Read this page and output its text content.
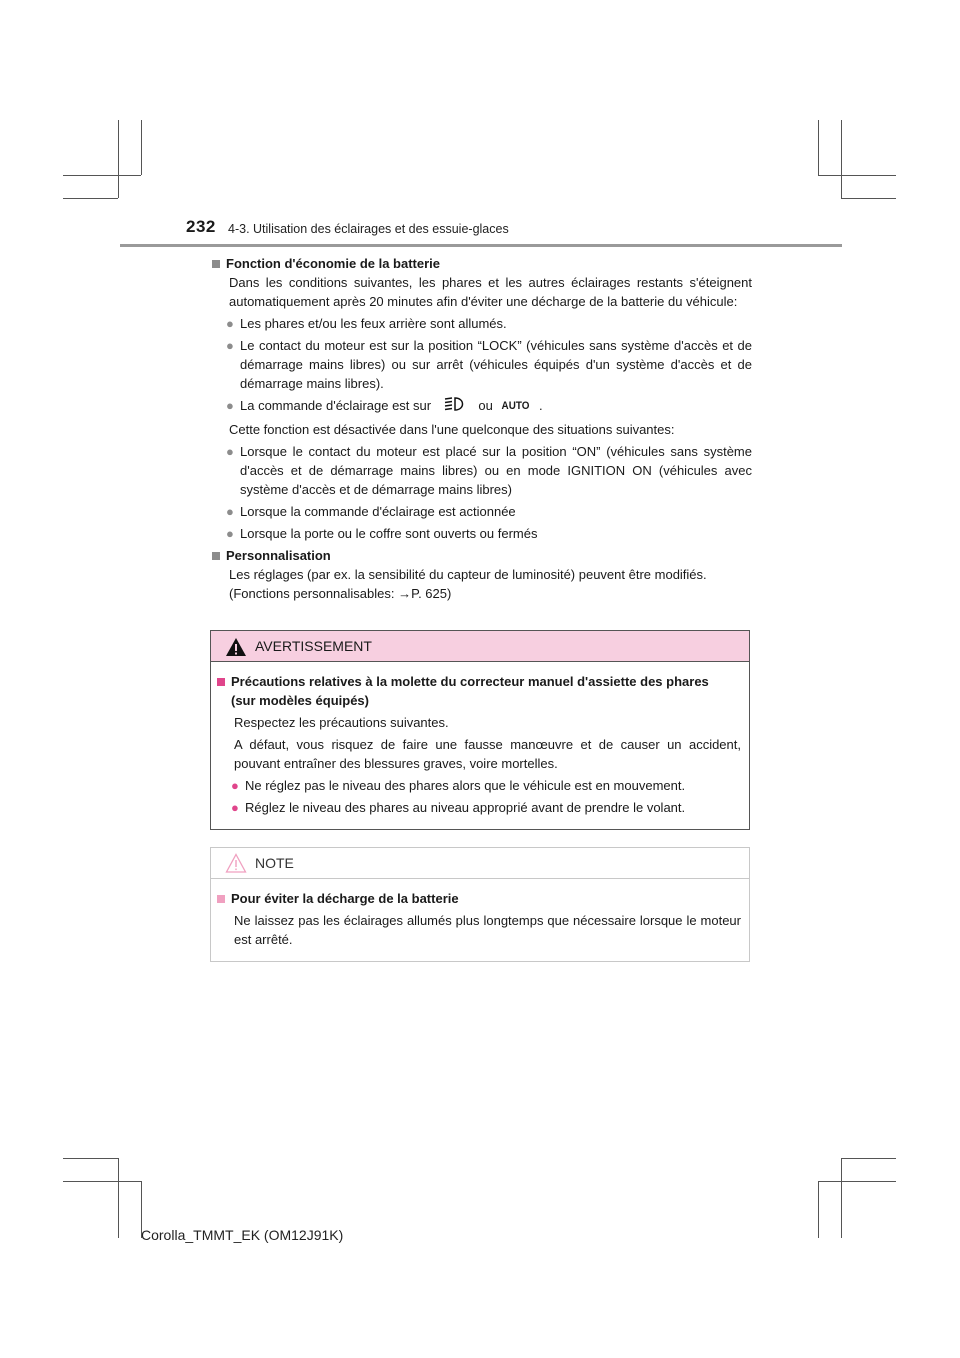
232 4-3. Utilisation des éclairages et des essuie-glaces
Fonction d'économie de la batterie

Dans les conditions suivantes, les phares et les autres éclairages restants s'éteignent automatiquement après 20 minutes afin d'éviter une décharge de la batterie du véhicule:

● Les phares et/ou les feux arrière sont allumés.
● Le contact du moteur est sur la position “LOCK” (véhicules sans système d'accès et de démarrage mains libres) ou sur arrêt (véhicules équipés d'un système d'accès et de démarrage mains libres).
● La commande d'éclairage est sur	ou AUTO .

Cette fonction est désactivée dans l'une quelconque des situations suivantes:

● Lorsque le contact du moteur est placé sur la position “ON” (véhicules sans système d'accès et de démarrage mains libres) ou en mode IGNITION ON (véhicules avec système d'accès et de démarrage mains libres)
● Lorsque la commande d'éclairage est actionnée
● Lorsque la porte ou le coffre sont ouverts ou fermés
Personnalisation

Les réglages (par ex. la sensibilité du capteur de luminosité) peuvent être modifiés.

(Fonctions personnalisables: →P. 625)

AVERTISSEMENT
Précautions relatives à la molette du correcteur manuel d'assiette des phares
(sur modèles équipés)

Respectez les précautions suivantes.

A défaut, vous risquez de faire une fausse manœuvre et de causer un accident, pouvant entraîner des blessures graves, voire mortelles.

● Ne réglez pas le niveau des phares alors que le véhicule est en mouvement.
● Réglez le niveau des phares au niveau approprié avant de prendre le volant.
NOTE
Pour éviter la décharge de la batterie

Ne laissez pas les éclairages allumés plus longtemps que nécessaire lorsque le moteur est arrêté.

Corolla_TMMT_EK (OM12J91K)
